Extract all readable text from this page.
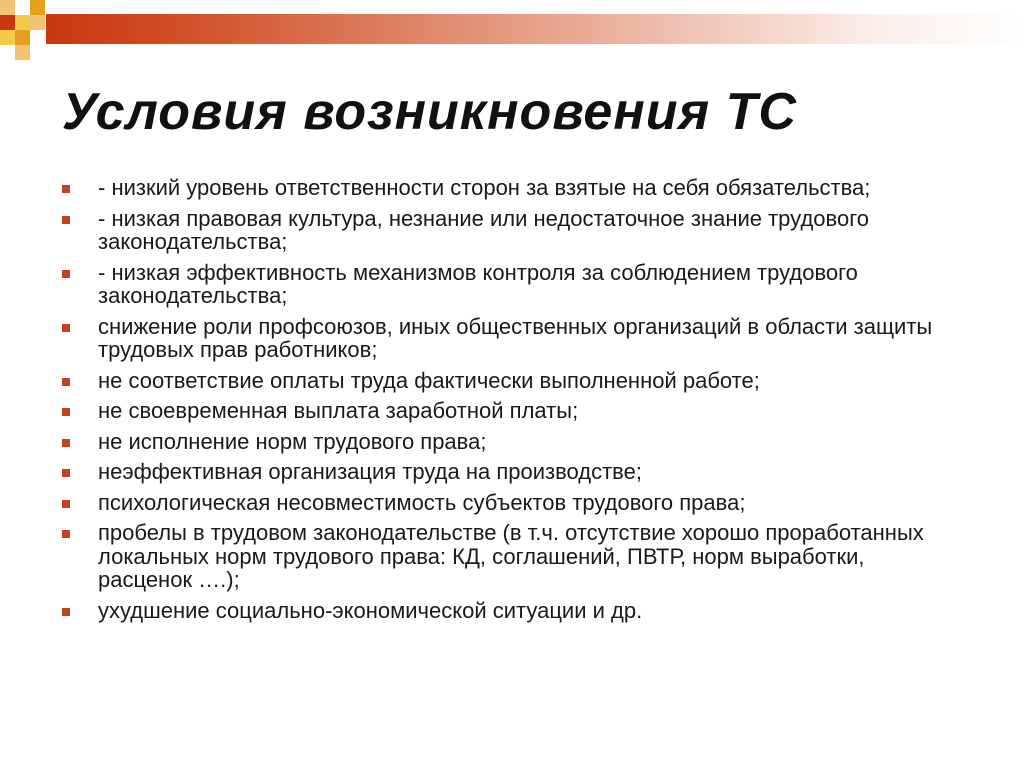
Условия возникновения ТС
- низкий уровень ответственности сторон за взятые на себя обязательства;
- низкая правовая культура, незнание или недостаточное знание трудового законодательства;
- низкая эффективность механизмов контроля за соблюдением трудового законодательства;
снижение роли профсоюзов, иных общественных организаций в области защиты трудовых прав работников;
не соответствие оплаты труда фактически выполненной работе;
не своевременная выплата заработной платы;
не исполнение норм трудового права;
неэффективная организация труда на производстве;
психологическая несовместимость субъектов трудового права;
пробелы в трудовом законодательстве (в т.ч. отсутствие хорошо проработанных локальных норм трудового права: КД, соглашений, ПВТР, норм выработки, расценок ….);
ухудшение социально-экономической ситуации и др.
